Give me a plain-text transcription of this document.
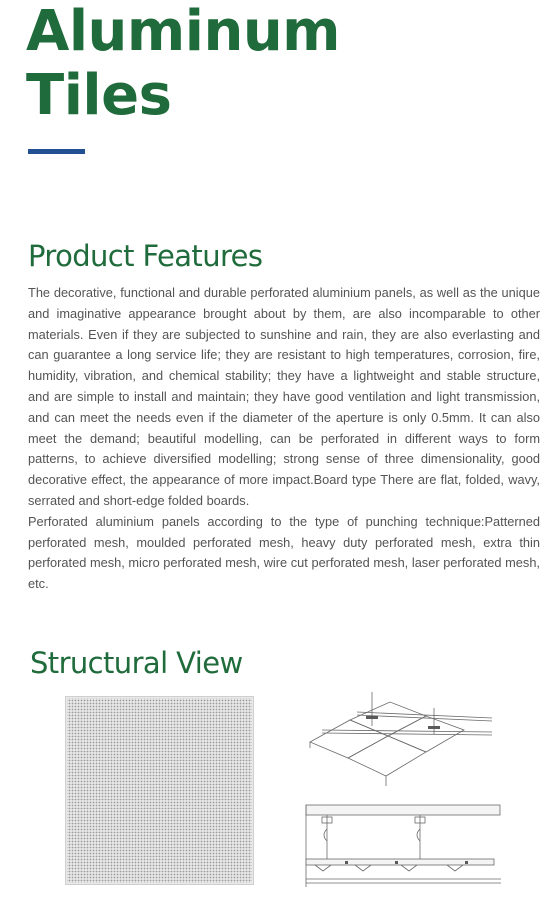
Aluminum
Tiles
Product Features

The decorative, functional and durable perforated aluminium panels, as well as the unique and imaginative appearance brought about by them, are also incomparable to other materials. Even if they are subjected to sunshine and rain, they are also everlasting and can guarantee a long service life; they are resistant to high temperatures, corrosion, fire, humidity, vibration, and chemical stability; they have a lightweight and stable structure, and are simple to install and maintain; they have good ventilation and light transmission, and can meet the needs even if the diameter of the aperture is only 0.5mm. It can also meet the demand; beautiful modelling, can be perforated in different ways to form patterns, to achieve diversified modelling; strong sense of three dimensionality, good decorative effect, the appearance of more impact.Board type There are flat, folded, wavy, serrated and short-edge folded boards.

Perforated aluminium panels according to the type of punching technique:Patterned perforated mesh, moulded perforated mesh, heavy duty perforated mesh, extra thin perforated mesh, micro perforated mesh, wire cut perforated mesh, laser perforated mesh, etc.

Structural View
